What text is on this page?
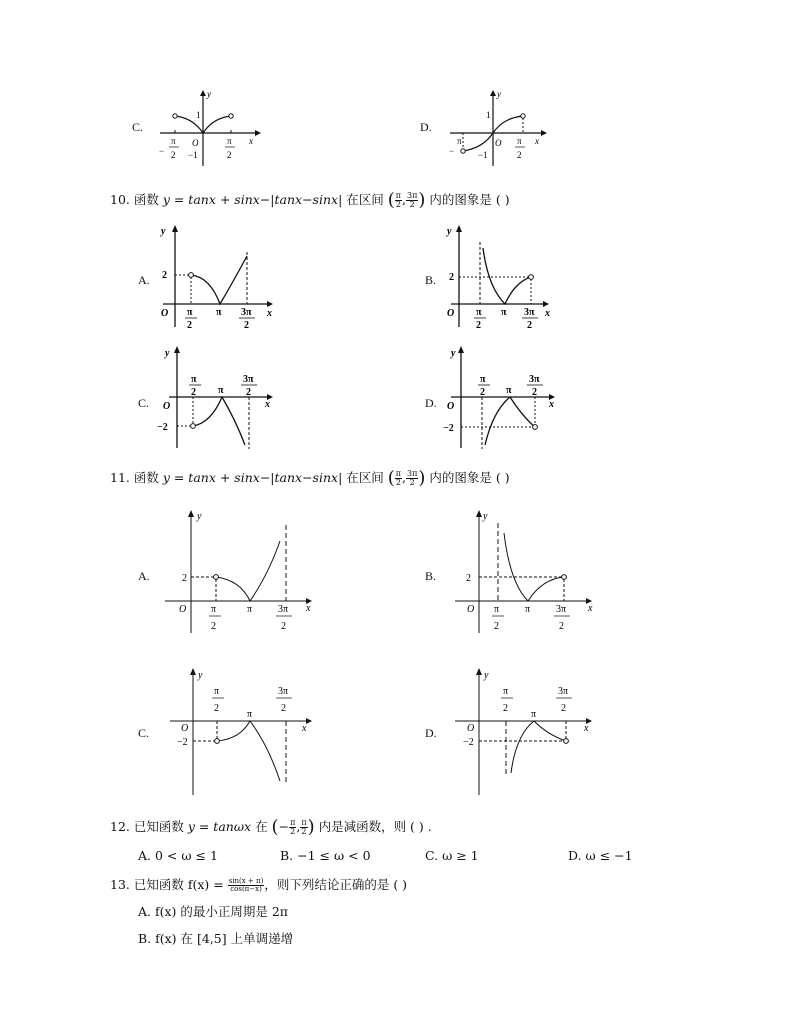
C.
y
x
1
O
−1
−
π
2
π
2
D.
y
x
1
O
−1
−
π	π
2
10. 函数 y = tanx + sinx−|tanx−sinx| 在区间 ( $\frac{\pi}{2}$ , $\frac{3\pi}{2}$ ) 内的图象是 ( )
A.
y
x
O
2
π
2
π 3π
2
B.
y
x
O
2
π
2
π 3π
2
C.
y
x
O
−2
π
2 π
3π
2
D.
y
x
O
−2
π
2 π
3π
2
11. 函数 y = tanx + sinx−|tanx−sinx| 在区间 ( $\frac{\pi}{2}$ , $\frac{3\pi}{2}$ ) 内的图象是 ( )
A.
y
x
O
2
π
2
π	3π
2
B.
y
x
O
2
π
2
π	3π
2
C.
y
x
O
−2
π
2
π
3π
2
D.
y
x
O
−2
π
2
π
3π
2
12. 已知函数 y = tanωx 在 (− $\frac{\pi}{2}$ , $\frac{\pi}{2}$ ) 内是减函数，则 ( ) .
A. 0 < ω ≤ 1	B. −1 ≤ ω < 0	C. ω ≥ 1	D. ω ≤ −1
13. 已知函数 $f(x) = \frac{\sin(x + \pi)}{\cos(\pi-x)}$ ，则下列结论正确的是 ( )
A. f(x) 的最小正周期是 2π
B. f(x) 在 [4,5] 上单调递增
